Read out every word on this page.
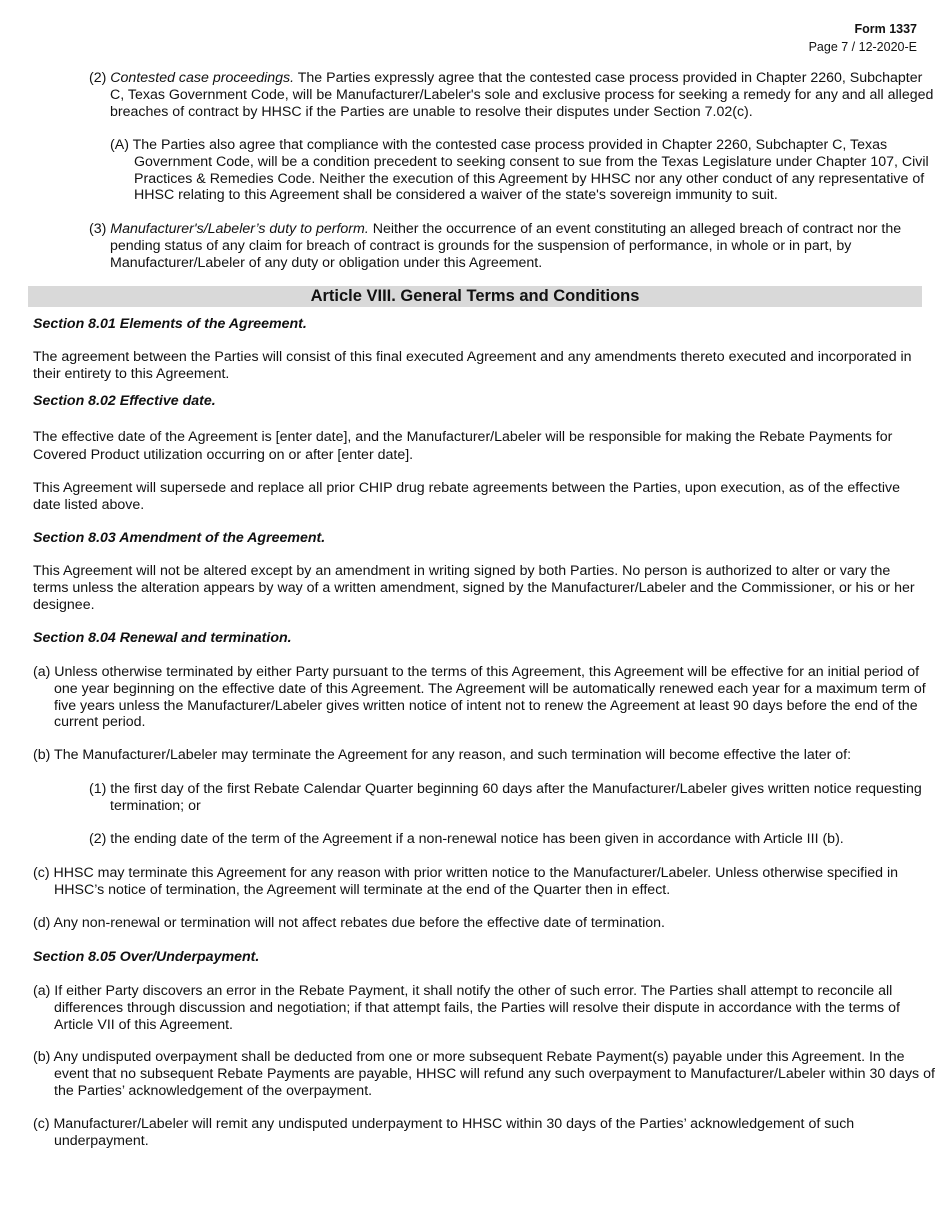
Form 1337
Page 7 / 12-2020-E

(2) Contested case proceedings. The Parties expressly agree that the contested case process provided in Chapter 2260, Subchapter C, Texas Government Code, will be Manufacturer/Labeler's sole and exclusive process for seeking a remedy for any and all alleged breaches of contract by HHSC if the Parties are unable to resolve their disputes under Section 7.02(c).

(A) The Parties also agree that compliance with the contested case process provided in Chapter 2260, Subchapter C, Texas Government Code, will be a condition precedent to seeking consent to sue from the Texas Legislature under Chapter 107, Civil Practices & Remedies Code. Neither the execution of this Agreement by HHSC nor any other conduct of any representative of HHSC relating to this Agreement shall be considered a waiver of the state's sovereign immunity to suit.

(3) Manufacturer's/Labeler’s duty to perform. Neither the occurrence of an event constituting an alleged breach of contract nor the pending status of any claim for breach of contract is grounds for the suspension of performance, in whole or in part, by Manufacturer/Labeler of any duty or obligation under this Agreement.

Article VIII. General Terms and Conditions

Section 8.01 Elements of the Agreement.

The agreement between the Parties will consist of this final executed Agreement and any amendments thereto executed and incorporated in their entirety to this Agreement.

Section 8.02 Effective date.

The effective date of the Agreement is [enter date], and the Manufacturer/Labeler will be responsible for making the Rebate Payments for Covered Product utilization occurring on or after [enter date].

This Agreement will supersede and replace all prior CHIP drug rebate agreements between the Parties, upon execution, as of the effective date listed above.

Section 8.03 Amendment of the Agreement.

This Agreement will not be altered except by an amendment in writing signed by both Parties. No person is authorized to alter or vary the terms unless the alteration appears by way of a written amendment, signed by the Manufacturer/Labeler and the Commissioner, or his or her designee.

Section 8.04 Renewal and termination.

(a) Unless otherwise terminated by either Party pursuant to the terms of this Agreement, this Agreement will be effective for an initial period of one year beginning on the effective date of this Agreement. The Agreement will be automatically renewed each year for a maximum term of five years unless the Manufacturer/Labeler gives written notice of intent not to renew the Agreement at least 90 days before the end of the current period.

(b) The Manufacturer/Labeler may terminate the Agreement for any reason, and such termination will become effective the later of:

(1) the first day of the first Rebate Calendar Quarter beginning 60 days after the Manufacturer/Labeler gives written notice requesting termination; or

(2) the ending date of the term of the Agreement if a non-renewal notice has been given in accordance with Article III (b).

(c) HHSC may terminate this Agreement for any reason with prior written notice to the Manufacturer/Labeler. Unless otherwise specified in HHSC’s notice of termination, the Agreement will terminate at the end of the Quarter then in effect.

(d) Any non-renewal or termination will not affect rebates due before the effective date of termination.

Section 8.05 Over/Underpayment.

(a) If either Party discovers an error in the Rebate Payment, it shall notify the other of such error. The Parties shall attempt to reconcile all differences through discussion and negotiation; if that attempt fails, the Parties will resolve their dispute in accordance with the terms of Article VII of this Agreement.

(b) Any undisputed overpayment shall be deducted from one or more subsequent Rebate Payment(s) payable under this Agreement. In the event that no subsequent Rebate Payments are payable, HHSC will refund any such overpayment to Manufacturer/Labeler within 30 days of the Parties’ acknowledgement of the overpayment.

(c) Manufacturer/Labeler will remit any undisputed underpayment to HHSC within 30 days of the Parties’ acknowledgement of such underpayment.
